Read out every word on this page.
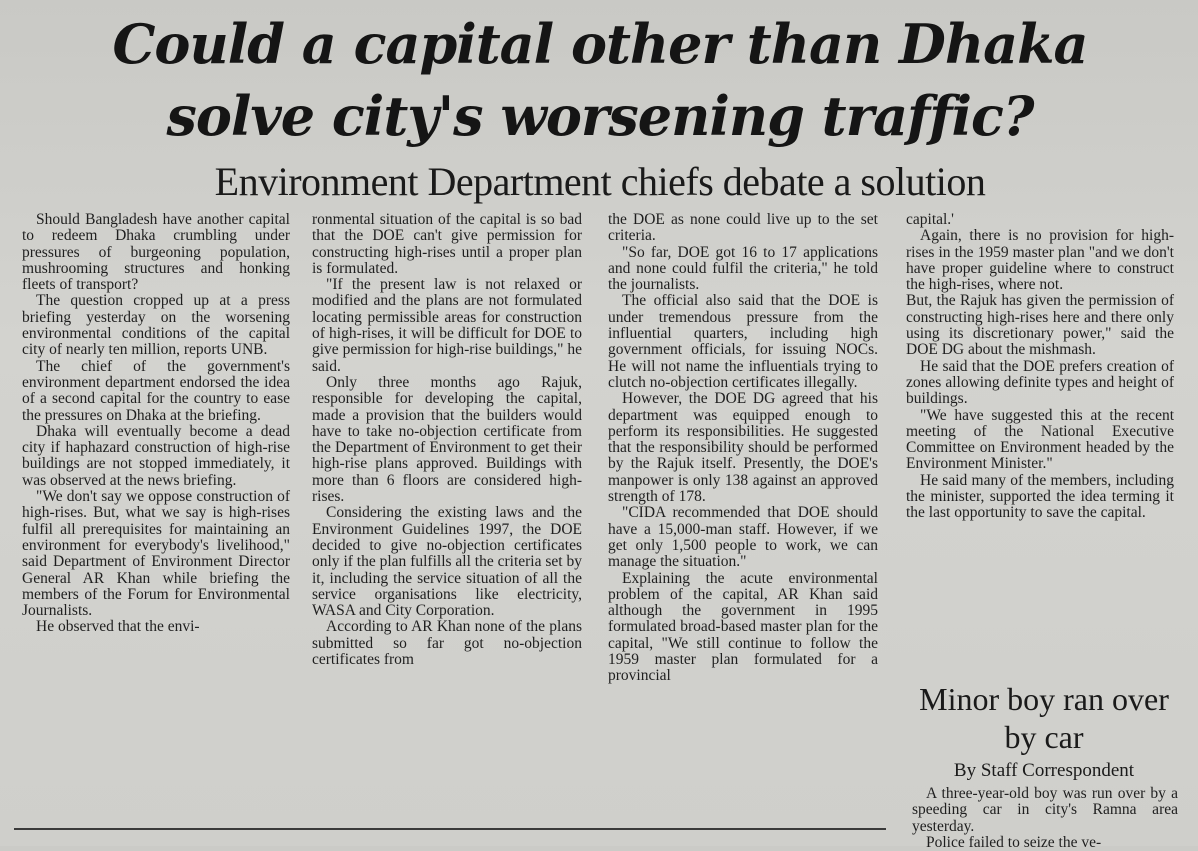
Could a capital other than Dhaka
solve city's worsening traffic?
Environment Department chiefs debate a solution

Should Bangladesh have another capital to redeem Dhaka crumbling under pressures of burgeoning population, mushrooming structures and honking fleets of transport?

The question cropped up at a press briefing yesterday on the worsening environmental conditions of the capital city of nearly ten million, reports UNB.

The chief of the government's environment department endorsed the idea of a second capital for the country to ease the pressures on Dhaka at the briefing.

Dhaka will eventually become a dead city if haphazard construction of high-rise buildings are not stopped immediately, it was observed at the news briefing.

"We don't say we oppose construction of high-rises. But, what we say is high-rises fulfil all prerequisites for maintaining an environment for everybody's livelihood," said Department of Environment Director General AR Khan while briefing the members of the Forum for Environmental Journalists.

He observed that the envi-

ronmental situation of the capital is so bad that the DOE can't give permission for constructing high-rises until a proper plan is formulated.

"If the present law is not relaxed or modified and the plans are not formulated locating permissible areas for construction of high-rises, it will be difficult for DOE to give permission for high-rise buildings," he said.

Only three months ago Rajuk, responsible for developing the capital, made a provision that the builders would have to take no-objection certificate from the Department of Environment to get their high-rise plans approved. Buildings with more than 6 floors are considered high-rises.

Considering the existing laws and the Environment Guidelines 1997, the DOE decided to give no-objection certificates only if the plan fulfills all the criteria set by it, including the service situation of all the service organisations like electricity, WASA and City Corporation.

According to AR Khan none of the plans submitted so far got no-objection certificates from

the DOE as none could live up to the set criteria.

"So far, DOE got 16 to 17 applications and none could fulfil the criteria," he told the journalists.

The official also said that the DOE is under tremendous pressure from the influential quarters, including high government officials, for issuing NOCs. He will not name the influentials trying to clutch no-objection certificates illegally.

However, the DOE DG agreed that his department was equipped enough to perform its responsibilities. He suggested that the responsibility should be performed by the Rajuk itself. Presently, the DOE's manpower is only 138 against an approved strength of 178.

"CIDA recommended that DOE should have a 15,000-man staff. However, if we get only 1,500 people to work, we can manage the situation."

Explaining the acute environmental problem of the capital, AR Khan said although the government in 1995 formulated broad-based master plan for the capital, "We still continue to follow the 1959 master plan formulated for a provincial

capital.'

Again, there is no provision for high-rises in the 1959 master plan "and we don't have proper guideline where to construct the high-rises, where not.

But, the Rajuk has given the permission of constructing high-rises here and there only using its discretionary power," said the DOE DG about the mishmash.

He said that the DOE prefers creation of zones allowing definite types and height of buildings.

"We have suggested this at the recent meeting of the National Executive Committee on Environment headed by the Environment Minister."

He said many of the members, including the minister, supported the idea terming it the last opportunity to save the capital.

Minor boy ran over by car
By Staff Correspondent

A three-year-old boy was run over by a speeding car in city's Ramna area yesterday.

Police failed to seize the ve-
